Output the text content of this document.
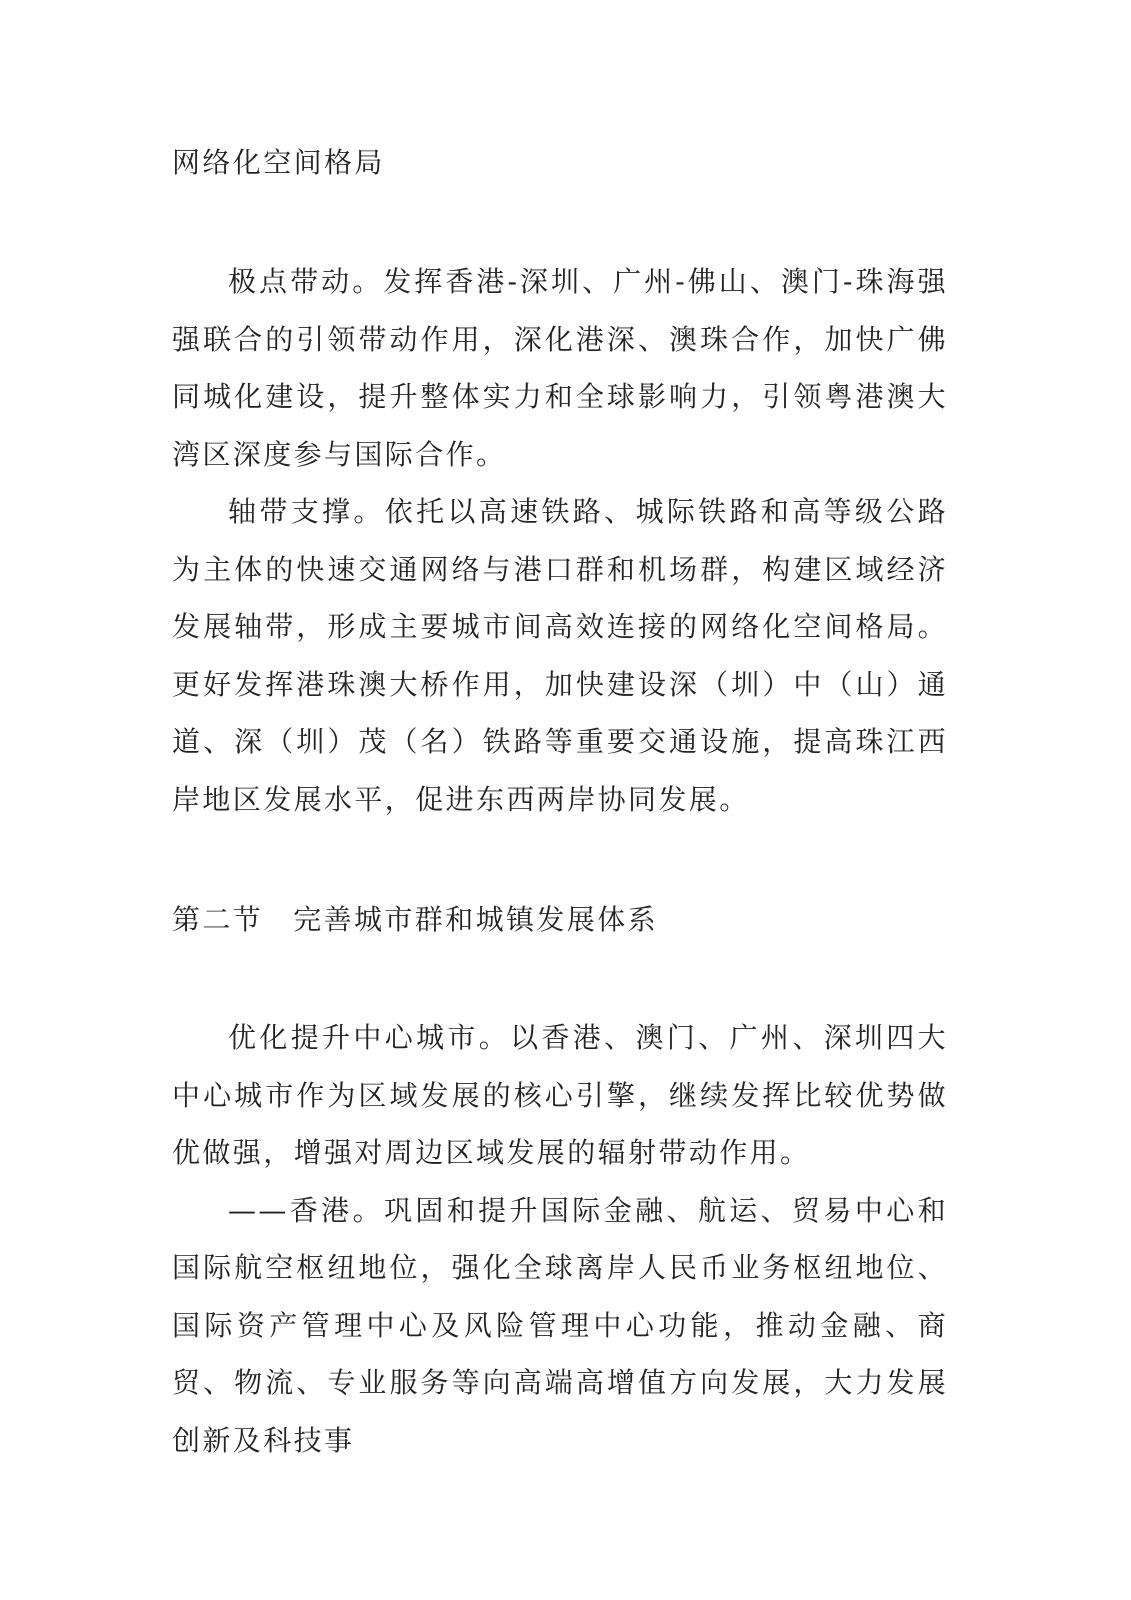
网络化空间格局

极点带动。发挥香港-深圳、广州-佛山、澳门-珠海强强联合的引领带动作用，深化港深、澳珠合作，加快广佛同城化建设，提升整体实力和全球影响力，引领粤港澳大湾区深度参与国际合作。

轴带支撑。依托以高速铁路、城际铁路和高等级公路为主体的快速交通网络与港口群和机场群，构建区域经济发展轴带，形成主要城市间高效连接的网络化空间格局。更好发挥港珠澳大桥作用，加快建设深（圳）中（山）通道、深（圳）茂（名）铁路等重要交通设施，提高珠江西岸地区发展水平，促进东西两岸协同发展。

第二节 完善城市群和城镇发展体系

优化提升中心城市。以香港、澳门、广州、深圳四大中心城市作为区域发展的核心引擎，继续发挥比较优势做优做强，增强对周边区域发展的辐射带动作用。

——香港。巩固和提升国际金融、航运、贸易中心和国际航空枢纽地位，强化全球离岸人民币业务枢纽地位、国际资产管理中心及风险管理中心功能，推动金融、商贸、物流、专业服务等向高端高增值方向发展，大力发展创新及科技事
